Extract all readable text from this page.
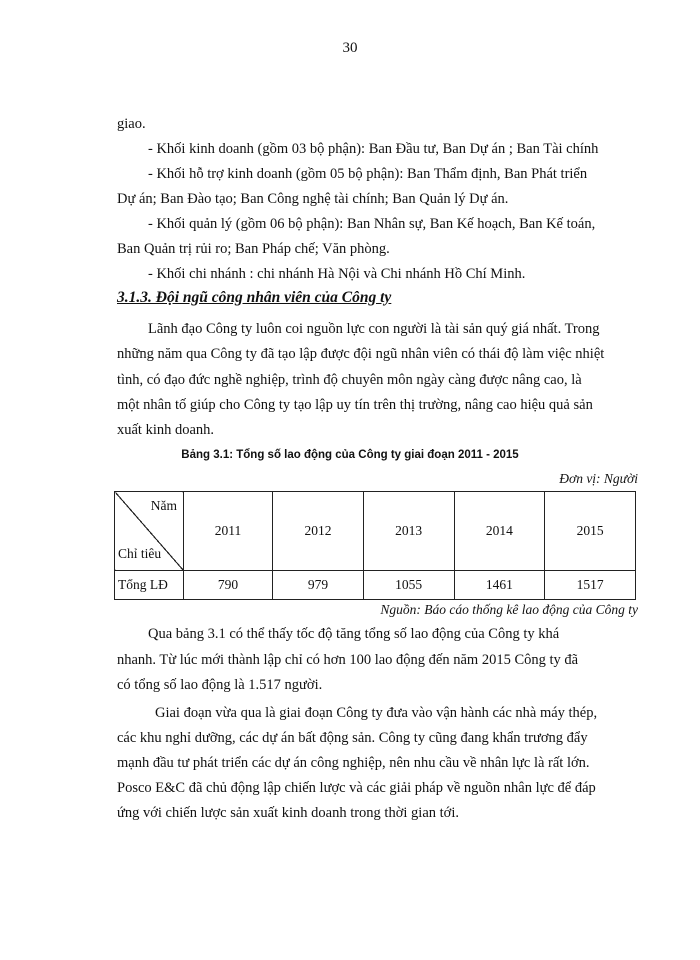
30
giao.
- Khối kinh doanh (gồm 03 bộ phận): Ban Đầu tư, Ban Dự án ; Ban Tài chính
- Khối hỗ trợ kinh doanh (gồm 05 bộ phận): Ban Thẩm định, Ban Phát triển
Dự án; Ban Đào tạo; Ban Công nghệ tài chính; Ban Quản lý Dự án.
- Khối quản lý (gồm 06 bộ phận): Ban Nhân sự, Ban Kế hoạch, Ban Kế toán,
Ban Quản trị rủi ro; Ban Pháp chế; Văn phòng.
- Khối chi nhánh : chi nhánh Hà Nội và Chi nhánh Hồ Chí Minh.
3.1.3. Đội ngũ công nhân viên của Công ty
Lãnh đạo Công ty luôn coi nguồn lực con người là tài sản quý giá nhất. Trong
những năm qua Công ty đã tạo lập được đội ngũ nhân viên có thái độ làm việc nhiệt
tình, có đạo đức nghề nghiệp, trình độ chuyên môn ngày càng được nâng cao, là
một nhân tố giúp cho Công ty tạo lập uy tín trên thị trường, nâng cao hiệu quả sản
xuất kinh doanh.
Bảng 3.1: Tổng số lao động của Công ty giai đoạn 2011 - 2015
Đơn vị: Người
Năm
Chỉ tiêu	2011	2012	2013	2014	2015
Tổng LĐ	790	979	1055	1461	1517
Nguồn: Báo cáo thống kê lao động của Công ty
Qua bảng 3.1 có thể thấy tốc độ tăng tổng số lao động của Công ty khá
nhanh. Từ lúc mới thành lập chỉ có hơn 100 lao động đến năm 2015 Công ty đã
có tổng số lao động là 1.517 người.
Giai đoạn vừa qua là giai đoạn Công ty đưa vào vận hành các nhà máy thép,
các khu nghỉ dưỡng, các dự án bất động sản. Công ty cũng đang khẩn trương đẩy
mạnh đầu tư phát triển các dự án công nghiệp, nên nhu cầu về nhân lực là rất lớn.
Posco E&C đã chủ động lập chiến lược và các giải pháp về nguồn nhân lực để đáp
ứng với chiến lược sản xuất kinh doanh trong thời gian tới.
